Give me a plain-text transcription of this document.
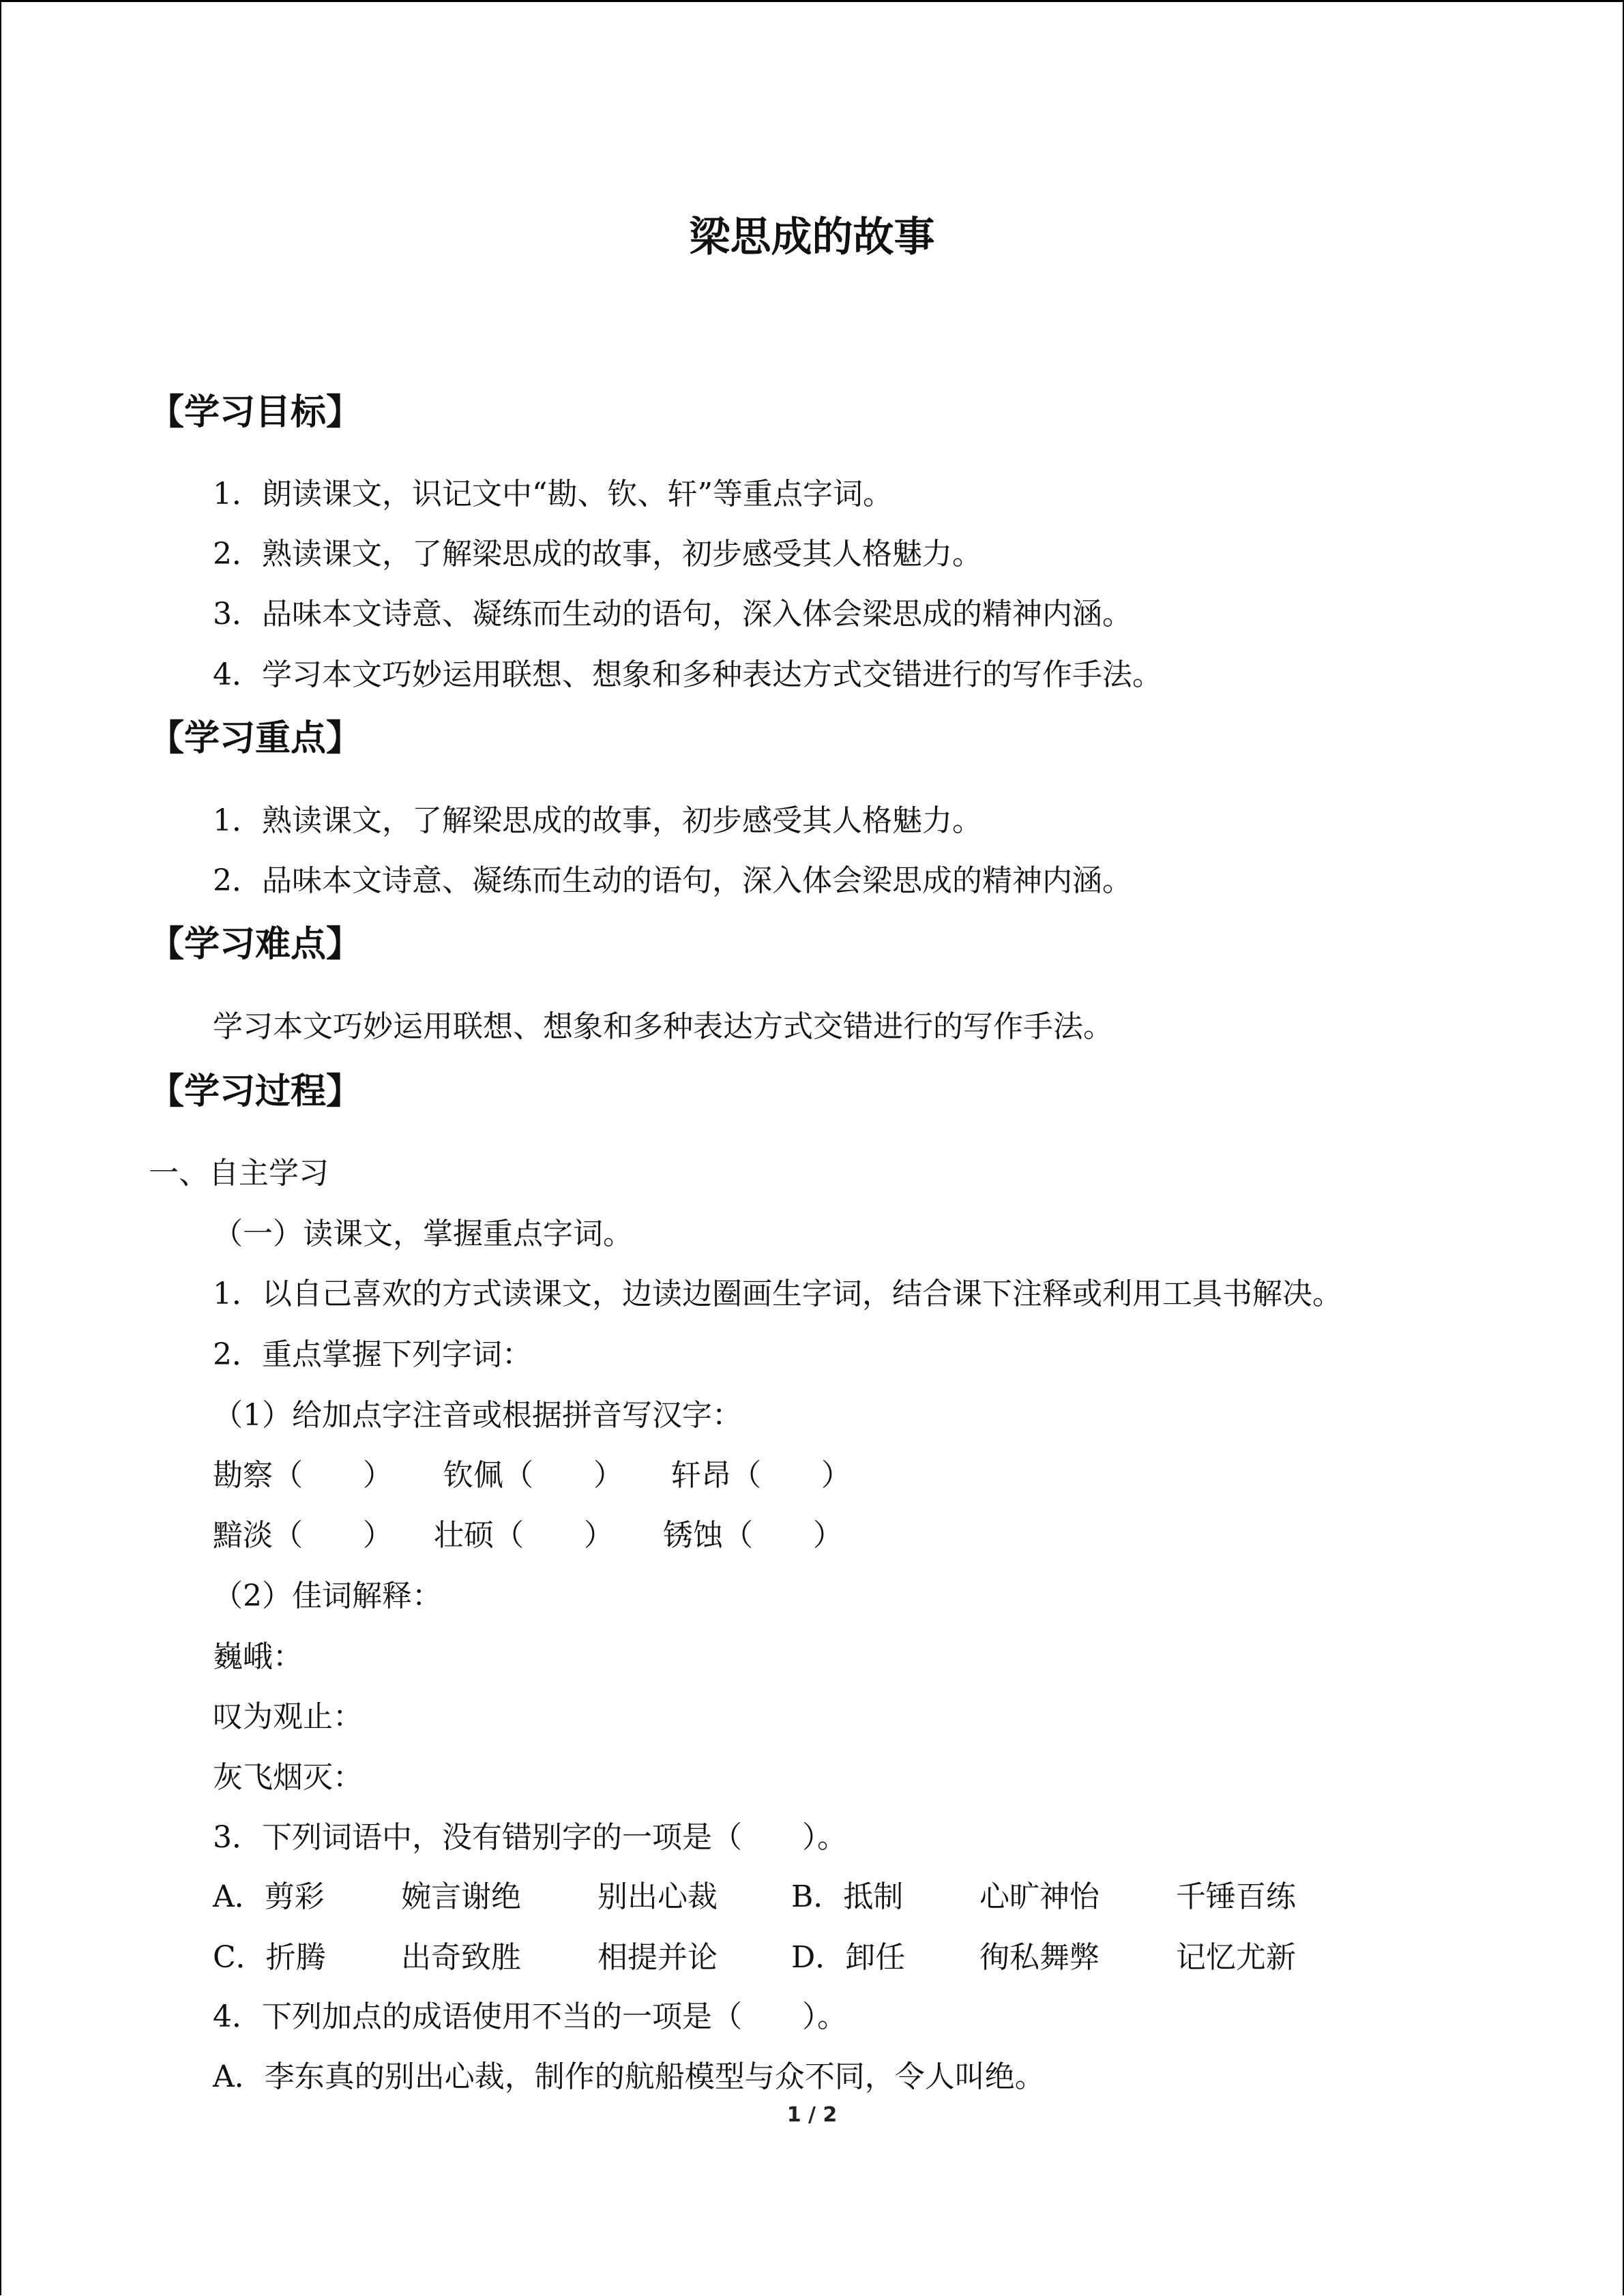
梁思成的故事
【学习目标】
1．朗读课文，识记文中“勘、钦、轩”等重点字词。
2．熟读课文，了解梁思成的故事，初步感受其人格魅力。
3．品味本文诗意、凝练而生动的语句，深入体会梁思成的精神内涵。
4．学习本文巧妙运用联想、想象和多种表达方式交错进行的写作手法。
【学习重点】
1．熟读课文，了解梁思成的故事，初步感受其人格魅力。
2．品味本文诗意、凝练而生动的语句，深入体会梁思成的精神内涵。
【学习难点】
学习本文巧妙运用联想、想象和多种表达方式交错进行的写作手法。
【学习过程】
一、自主学习
（一）读课文，掌握重点字词。
1．以自己喜欢的方式读课文，边读边圈画生字词，结合课下注释或利用工具书解决。
2．重点掌握下列字词：
（1）给加点字注音或根据拼音写汉字：
勘察（　　） 钦佩（　　） 轩昂（　　）
黯淡（　　） 壮硕（　　） 锈蚀（　　）
（2）佳词解释：
巍峨：
叹为观止：
灰飞烟灭：
3．下列词语中，没有错别字的一项是（　　）。
A．剪彩	婉言谢绝	别出心裁 B．抵制	心旷神怡	千锤百练
C．折腾	出奇致胜	相提并论 D．卸任 徇私舞弊	记忆尤新
4．下列加点的成语使用不当的一项是（　　）。
A．李东真的别出心裁，制作的航船模型与众不同，令人叫绝。
1 / 2
